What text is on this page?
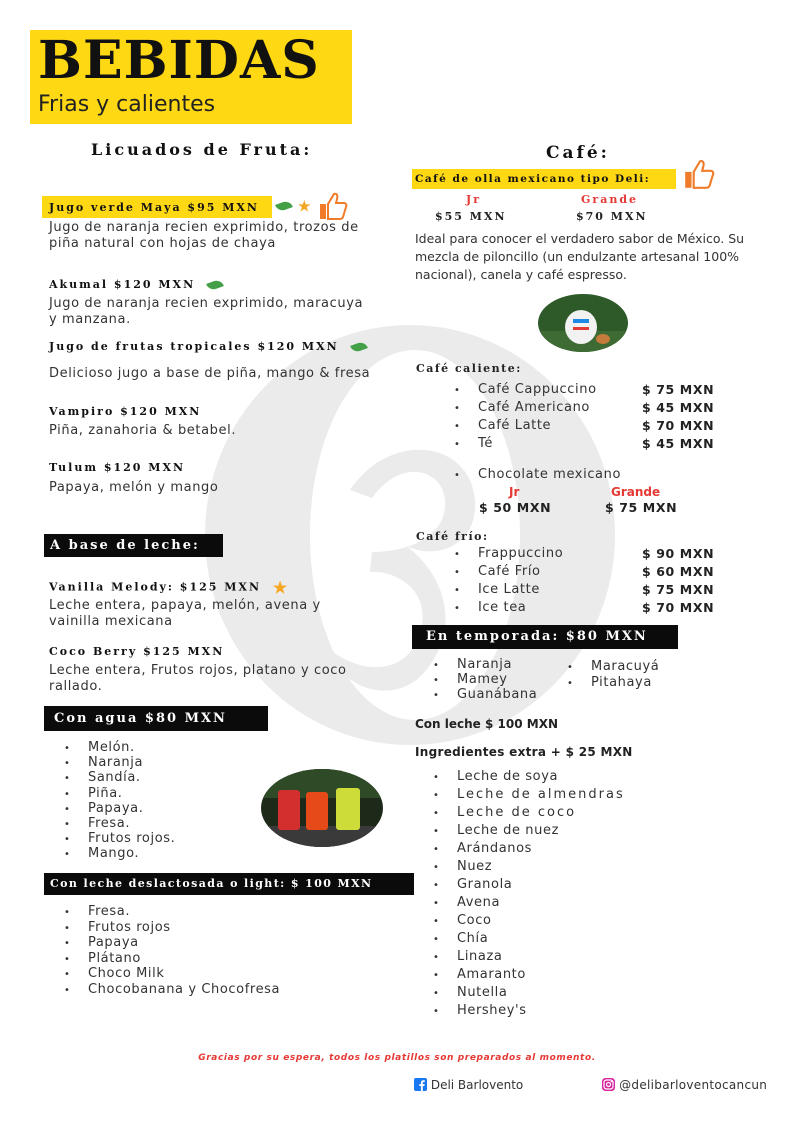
BEBIDAS
Frias y calientes
Licuados de Fruta:
Jugo verde Maya $95 MXN	★
Jugo de naranja recien exprimido, trozos de piña natural con hojas de chaya
Akumal $120 MXN
Jugo de naranja recien exprimido, maracuya y manzana.
Jugo de frutas tropicales $120 MXN
Delicioso jugo a base de piña, mango & fresa
Vampiro $120 MXN
Piña, zanahoria & betabel.
Tulum $120 MXN
Papaya, melón y mango
A base de leche:
Vanilla Melody: $125 MXN ★
Leche entera, papaya, melón, avena y vainilla mexicana
Coco Berry $125 MXN
Leche entera, Frutos rojos, platano y coco rallado.
Con agua $80 MXN
• Melón.
• Naranja
• Sandía.
• Piña.
• Papaya.
• Fresa.
• Frutos rojos.
• Mango.
Con leche deslactosada o light: $ 100 MXN
• Fresa.
• Frutos rojos
• Papaya
• Plátano
• Choco Milk
• Chocobanana y Chocofresa
Café:
Café de olla mexicano tipo Deli:
Jr	Grande
$55 MXN	$70 MXN
Ideal para conocer el verdadero sabor de México. Su mezcla de piloncillo (un endulzante artesanal 100% nacional), canela y café espresso.
Café caliente:
• Café Cappuccino	$ 75 MXN
• Café Americano	$ 45 MXN
• Café Latte	$ 70 MXN
• Té	$ 45 MXN
• Chocolate mexicano
Jr	Grande
$ 50 MXN	$ 75 MXN
Café frío:
• Frappuccino	$ 90 MXN
• Café Frío	$ 60 MXN
• Ice Latte	$ 75 MXN
• Ice tea	$ 70 MXN
En temporada: $80 MXN
• Naranja
• Mamey
• Guanábana
• Maracuyá
• Pitahaya
Con leche $ 100 MXN
Ingredientes extra + $ 25 MXN
• Leche de soya
• Leche de almendras
• Leche de coco
• Leche de nuez
• Arándanos
• Nuez
• Granola
• Avena
• Coco
• Chía
• Linaza
• Amaranto
• Nutella
• Hershey's
Gracias por su espera, todos los platillos son preparados al momento.
Deli Barlovento	@delibarloventocancun
